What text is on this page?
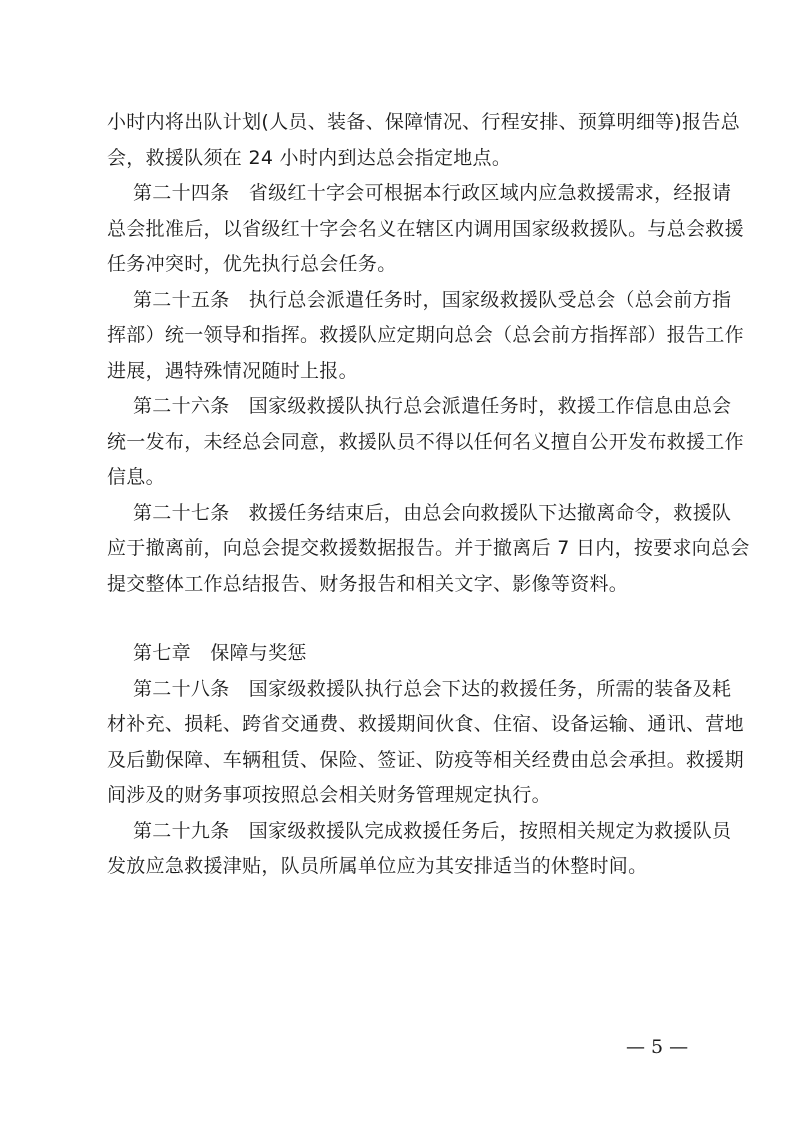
小时内将出队计划(人员、装备、保障情况、行程安排、预算明细等)报告总
会，救援队须在 24 小时内到达总会指定地点。

第二十四条　省级红十字会可根据本行政区域内应急救援需求，经报请
总会批准后，以省级红十字会名义在辖区内调用国家级救援队。与总会救援
任务冲突时，优先执行总会任务。

第二十五条　执行总会派遣任务时，国家级救援队受总会（总会前方指
挥部）统一领导和指挥。救援队应定期向总会（总会前方指挥部）报告工作
进展，遇特殊情况随时上报。

第二十六条　国家级救援队执行总会派遣任务时，救援工作信息由总会
统一发布，未经总会同意，救援队员不得以任何名义擅自公开发布救援工作
信息。

第二十七条　救援任务结束后，由总会向救援队下达撤离命令，救援队
应于撤离前，向总会提交救援数据报告。并于撤离后 7 日内，按要求向总会
提交整体工作总结报告、财务报告和相关文字、影像等资料。

第七章　保障与奖惩

第二十八条　国家级救援队执行总会下达的救援任务，所需的装备及耗
材补充、损耗、跨省交通费、救援期间伙食、住宿、设备运输、通讯、营地
及后勤保障、车辆租赁、保险、签证、防疫等相关经费由总会承担。救援期
间涉及的财务事项按照总会相关财务管理规定执行。

第二十九条　国家级救援队完成救援任务后，按照相关规定为救援队员
发放应急救援津贴，队员所属单位应为其安排适当的休整时间。

— 5 —
